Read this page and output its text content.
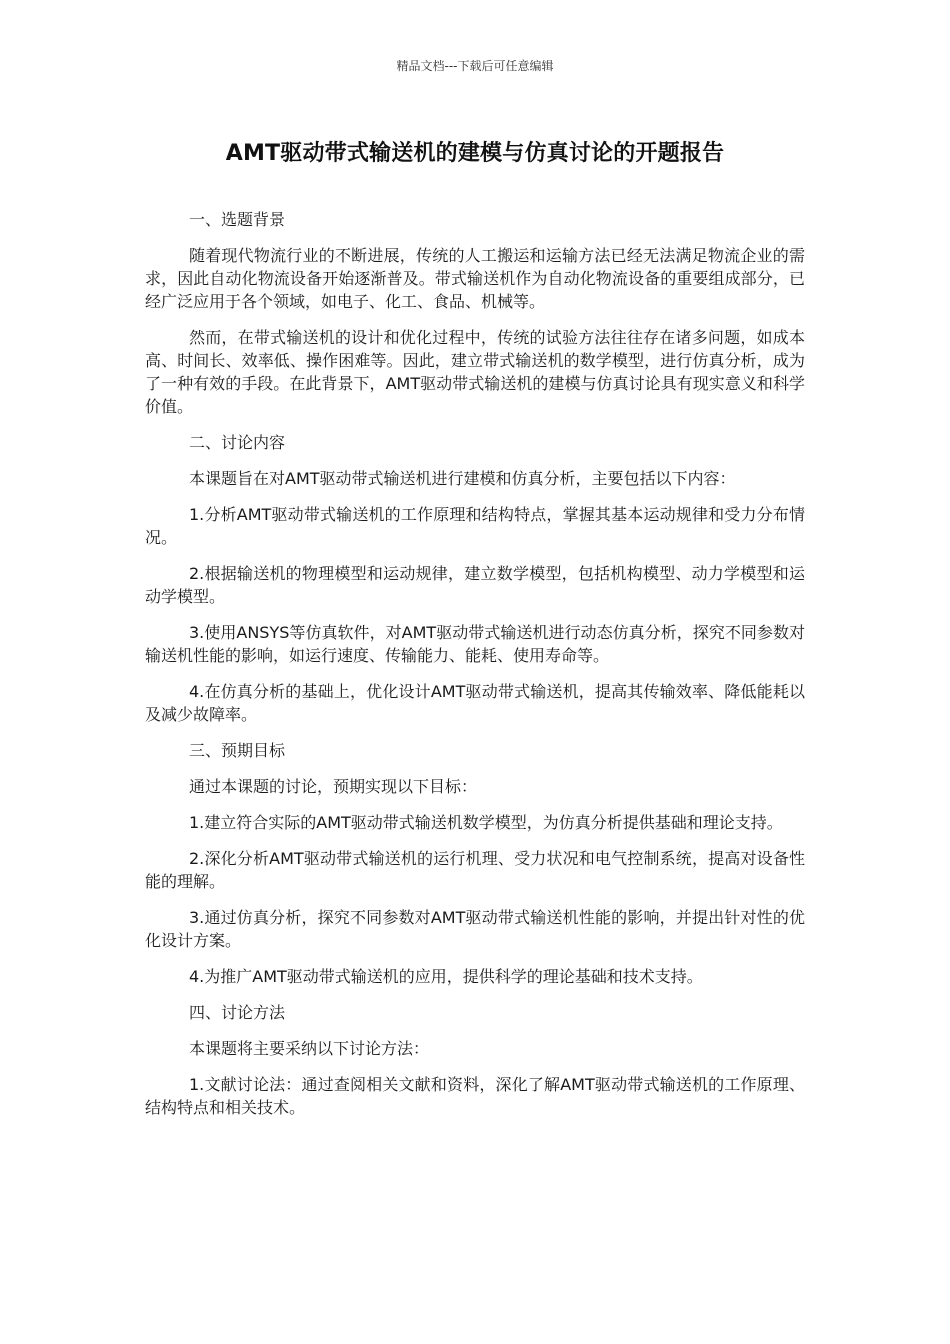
精品文档---下载后可任意编辑
AMT驱动带式输送机的建模与仿真讨论的开题报告

一、选题背景

随着现代物流行业的不断进展，传统的人工搬运和运输方法已经无法满足物流企业的需求，因此自动化物流设备开始逐渐普及。带式输送机作为自动化物流设备的重要组成部分，已经广泛应用于各个领域，如电子、化工、食品、机械等。

然而，在带式输送机的设计和优化过程中，传统的试验方法往往存在诸多问题，如成本高、时间长、效率低、操作困难等。因此，建立带式输送机的数学模型，进行仿真分析，成为了一种有效的手段。在此背景下，AMT驱动带式输送机的建模与仿真讨论具有现实意义和科学价值。

二、讨论内容

本课题旨在对AMT驱动带式输送机进行建模和仿真分析，主要包括以下内容：

1.分析AMT驱动带式输送机的工作原理和结构特点，掌握其基本运动规律和受力分布情况。

2.根据输送机的物理模型和运动规律，建立数学模型，包括机构模型、动力学模型和运动学模型。

3.使用ANSYS等仿真软件，对AMT驱动带式输送机进行动态仿真分析，探究不同参数对输送机性能的影响，如运行速度、传输能力、能耗、使用寿命等。

4.在仿真分析的基础上，优化设计AMT驱动带式输送机，提高其传输效率、降低能耗以及减少故障率。

三、预期目标

通过本课题的讨论，预期实现以下目标：

1.建立符合实际的AMT驱动带式输送机数学模型，为仿真分析提供基础和理论支持。

2.深化分析AMT驱动带式输送机的运行机理、受力状况和电气控制系统，提高对设备性能的理解。

3.通过仿真分析，探究不同参数对AMT驱动带式输送机性能的影响，并提出针对性的优化设计方案。

4.为推广AMT驱动带式输送机的应用，提供科学的理论基础和技术支持。

四、讨论方法

本课题将主要采纳以下讨论方法：

1.文献讨论法：通过查阅相关文献和资料，深化了解AMT驱动带式输送机的工作原理、结构特点和相关技术。
